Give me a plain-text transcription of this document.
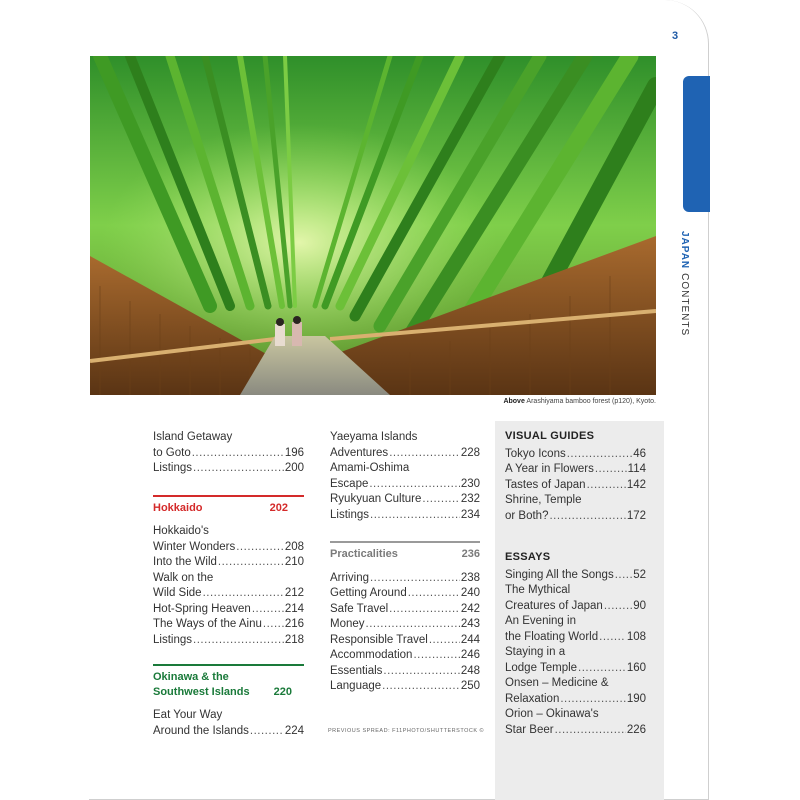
3
JAPANCONTENTS
Above Arashiyama bamboo forest (p120), Kyoto.
Island Getaway
to Goto .....	196
Listings .....	200
Hokkaido	202
Hokkaido's
Winter Wonders .....	208
Into the Wild .....	210
Walk on the
Wild Side .....	212
Hot-Spring Heaven .....	214
The Ways of the Ainu ..... 216
Listings .....	218
Okinawa & the
Southwest Islands 220
Eat Your Way
Around the Islands .....	224
Yaeyama Islands
Adventures .....	228
Amami-Oshima
Escape .....	230
Ryukyuan Culture .....	232
Listings .....	234
Practicalities	236
Arriving .....	238
Getting Around .....	240
Safe Travel .....	242
Money .....	243
Responsible Travel .....	244
Accommodation .....	246
Essentials .....	248
Language .....	250
PREVIOUS SPREAD: F11PHOTO/SHUTTERSTOCK ©
VISUAL GUIDES
Tokyo Icons .....	46
A Year in Flowers .....	114
Tastes of Japan .....	142
Shrine, Temple
or Both? .....	172
ESSAYS
Singing All the Songs ..... 52
The Mythical
Creatures of Japan .....	90
An Evening in
the Floating World ..... 108
Staying in a
Lodge Temple .....	160
Onsen – Medicine &
Relaxation .....	190
Orion – Okinawa's
Star Beer .....	226
